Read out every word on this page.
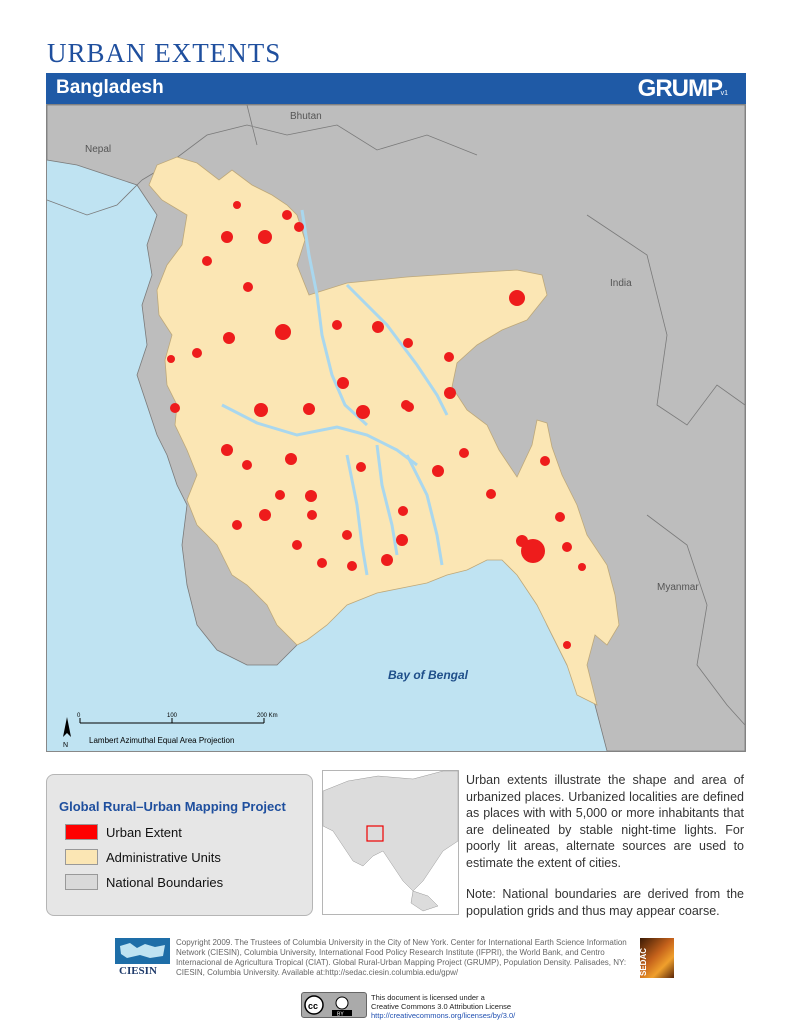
URBAN EXTENTS
Bangladesh	GRUMP
v1
Nepal
Bhutan
India
Myanmar
Bay of Bengal
0	100	200 Km
N
Lambert Azimuthal Equal Area Projection
Global Rural–Urban Mapping Project
Urban Extent
Administrative Units
National Boundaries
Urban extents illustrate the shape and area of urbanized places. Urbanized localities are defined as places with with 5,000 or more inhabitants that are delineated by stable night-time lights. For poorly lit areas, alternate sources are used to estimate the extent of cities.
Note: National boundaries are derived from the population grids and thus may appear coarse.
CIESIN
Copyright 2009. The Trustees of Columbia University in the City of New York. Center for International Earth Science Information Network (CIESIN), Columbia University, International Food Policy Research Institute (IFPRI), the World Bank, and Centro Internacional de Agricultura Tropical (CIAT). Global Rural-Urban Mapping Project (GRUMP), Population Density. Palisades, NY: CIESIN, Columbia University. Available at:http://sedac.ciesin.columbia.edu/gpw/	SEDAC
cc
BY
This document is licensed under a
Creative Commons 3.0 Attribution License
http://creativecommons.org/licenses/by/3.0/
